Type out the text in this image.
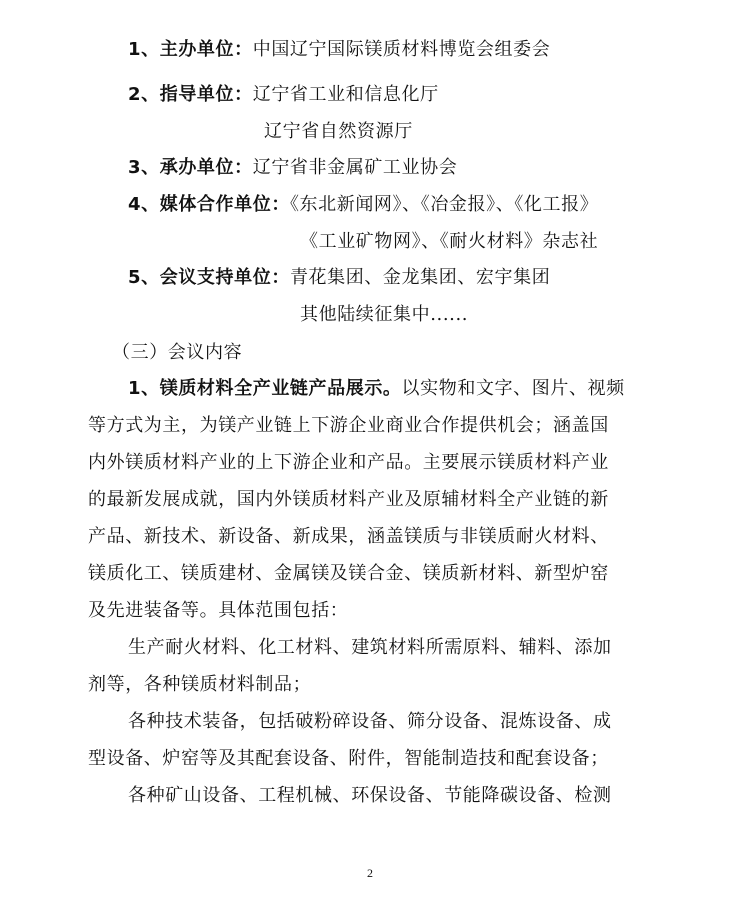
1、主办单位：中国辽宁国际镁质材料博览会组委会
2、指导单位：辽宁省工业和信息化厅
辽宁省自然资源厅
3、承办单位：辽宁省非金属矿工业协会
4、媒体合作单位：《东北新闻网》、《冶金报》、《化工报》
《工业矿物网》、《耐火材料》杂志社
5、会议支持单位：青花集团、金龙集团、宏宇集团
其他陆续征集中......
（三）会议内容
1、镁质材料全产业链产品展示。以实物和文字、图片、视频
等方式为主，为镁产业链上下游企业商业合作提供机会；涵盖国
内外镁质材料产业的上下游企业和产品。主要展示镁质材料产业
的最新发展成就，国内外镁质材料产业及原辅材料全产业链的新
产品、新技术、新设备、新成果，涵盖镁质与非镁质耐火材料、
镁质化工、镁质建材、金属镁及镁合金、镁质新材料、新型炉窑
及先进装备等。具体范围包括：
生产耐火材料、化工材料、建筑材料所需原料、辅料、添加
剂等，各种镁质材料制品；
各种技术装备，包括破粉碎设备、筛分设备、混炼设备、成
型设备、炉窑等及其配套设备、附件，智能制造技和配套设备；
各种矿山设备、工程机械、环保设备、节能降碳设备、检测
2
